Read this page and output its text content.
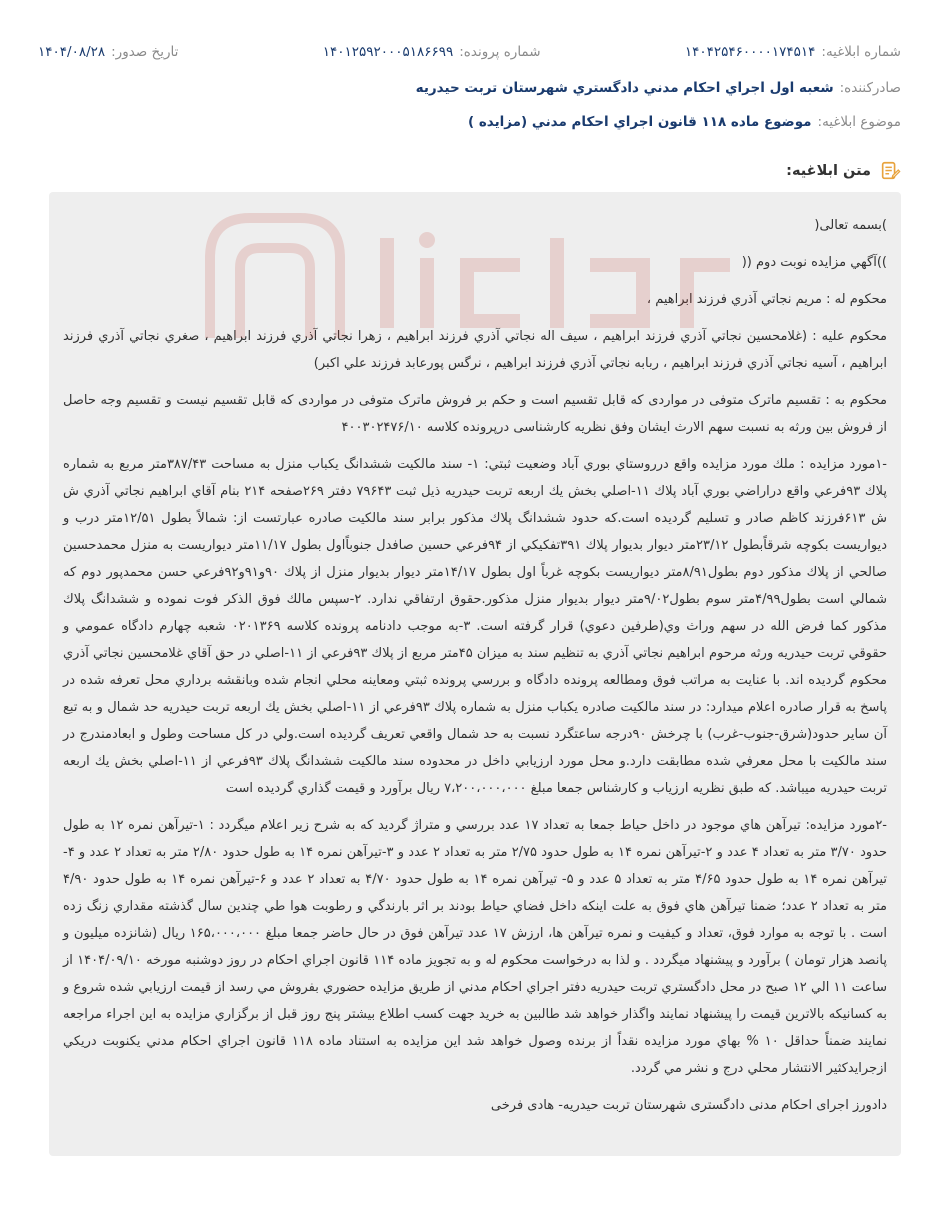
شماره ابلاغیه:
۱۴۰۴۲۵۴۶۰۰۰۰۱۷۴۵۱۴
شماره پرونده:
۱۴۰۱۲۵۹۲۰۰۰۵۱۸۶۶۹۹
تاریخ صدور:
۱۴۰۴/۰۸/۲۸
صادرکننده:
شعبه اول اجراي احكام مدني دادگستري شهرستان تربت حيدريه
موضوع ابلاغیه:
موضوع ماده ۱۱۸ قانون اجراي احكام مدني (مزايده )
متن ابلاغیه:

)بسمه تعالی(

))آگهي مزايده نوبت دوم ((

محكوم له : مريم نجاتي آذري فرزند ابراهيم ،

محكوم عليه : (غلامحسين نجاتي آذري فرزند ابراهيم ، سيف اله نجاتي آذري فرزند ابراهيم ، زهرا نجاتي آذري فرزند ابراهيم ، صغري نجاتي آذري فرزند ابراهيم ، آسيه نجاتي آذري فرزند ابراهيم ، ربابه نجاتي آذري فرزند ابراهيم ، نرگس پورعابد فرزند علي اكبر)

محكوم به : تقسیم ماترک متوفی در مواردی که قابل تقسیم است و حکم بر فروش ماترک متوفی در مواردی که قابل تقسیم نیست و تقسیم وجه حاصل از فروش بین ورثه به نسبت سهم الارث ایشان وفق نظریه کارشناسی درپرونده کلاسه ۴۰۰۳۰۲۴۷۶/۱۰

-۱مورد مزايده : ملك مورد مزايده واقع درروستاي بوري آباد وضعيت ثبتي: ۱- سند مالكيت ششدانگ يكباب منزل به مساحت ۳۸۷/۴۳متر مربع به شماره پلاك ۹۳فرعي واقع دراراضي بوري آباد پلاك ۱۱-اصلي بخش يك اربعه تربت حيدريه ذيل ثبت ۷۹۶۴۳ دفتر ۲۶۹صفحه ۲۱۴ بنام آقاي ابراهيم نجاتي آذري ش ش ۶۱۳فرزند كاظم صادر و تسليم گرديده است.كه حدود ششدانگ پلاك مذكور برابر سند مالكيت صادره عبارتست از: شمالاً بطول ۱۲/۵۱متر درب و ديواريست بكوچه شرقاًبطول ۲۳/۱۲متر ديوار بديوار پلاك ۳۹۱تفكيكي از ۹۴فرعي حسين صافدل جنوباًاول بطول ۱۱/۱۷متر ديواريست به منزل محمدحسين صالحي از پلاك مذكور دوم بطول۸/۹۱متر ديواريست بكوچه غرباً اول بطول ۱۴/۱۷متر ديوار بديوار منزل از پلاك ۹۰و۹۱و۹۲فرعي حسن محمدپور دوم كه شمالي است بطول۴/۹۹متر سوم بطول۹/۰۲متر ديوار بديوار منزل مذكور.حقوق ارتفاقي ندارد. ۲-سپس مالك فوق الذكر فوت نموده و ششدانگ پلاك مذكور كما فرض الله در سهم وراث وي(طرفين دعوي) قرار گرفته است. ۳-به موجب دادنامه پرونده كلاسه ۰۲۰۱۳۶۹ شعبه چهارم دادگاه عمومي و حقوقي تربت حيدريه ورثه مرحوم ابراهيم نجاتي آذري به تنظيم سند به ميزان ۴۵متر مربع از پلاك ۹۳فرعي از ۱۱-اصلي در حق آقاي غلامحسين نجاتي آذري محكوم گرديده اند. با عنايت به مراتب فوق ومطالعه پرونده دادگاه و بررسي پرونده ثبتي ومعاينه محلي انجام شده وبانقشه برداري محل تعرفه شده در پاسخ به قرار صادره اعلام ميدارد: در سند مالكيت صادره يكباب منزل به شماره پلاك ۹۳فرعي از ۱۱-اصلي بخش يك اربعه تربت حيدريه حد شمال و به تبع آن ساير حدود(شرق-جنوب-غرب) با چرخش ۹۰درجه ساعتگرد نسبت به حد شمال واقعي تعريف گرديده است.ولي در كل مساحت وطول و ابعادمندرج در سند مالكيت با محل معرفي شده مطابقت دارد.و محل مورد ارزيابي داخل در محدوده سند مالكيت ششدانگ پلاك ۹۳فرعي از ۱۱-اصلي بخش يك اربعه تربت حيدريه ميباشد. كه طبق نظريه ارزياب و كارشناس جمعا مبلغ ۷،۲۰۰،۰۰۰،۰۰۰ ريال برآورد و قيمت گذاري گرديده است

-۲مورد مزايده: تيرآهن هاي موجود در داخل حياط جمعا به تعداد ۱۷ عدد بررسي و متراژ گرديد كه به شرح زير اعلام ميگردد : ۱-تيرآهن نمره ۱۲ به طول حدود ۳/۷۰ متر به تعداد ۴ عدد و ۲-تيرآهن نمره ۱۴ به طول حدود ۲/۷۵ متر به تعداد ۲ عدد و ۳-تيرآهن نمره ۱۴ به طول حدود ۲/۸۰ متر به تعداد ۲ عدد و ۴-تيرآهن نمره ۱۴ به طول حدود ۴/۶۵ متر به تعداد ۵ عدد و ۵- تيرآهن نمره ۱۴ به طول حدود ۴/۷۰ به تعداد ۲ عدد و ۶-تيرآهن نمره ۱۴ به طول حدود ۴/۹۰ متر به تعداد ۲ عدد؛ ضمنا تيرآهن هاي فوق به علت اينكه داخل فضاي حياط بودند بر اثر بارندگي و رطوبت هوا طي چندين سال گذشته مقداري زنگ زده است . با توجه به موارد فوق، تعداد و كيفيت و نمره تيرآهن ها، ارزش ۱۷ عدد تيرآهن فوق در حال حاضر جمعا مبلغ ۱۶۵،۰۰۰،۰۰۰ ريال (شانزده ميليون و پانصد هزار تومان ) برآورد و پيشنهاد ميگردد . و لذا به درخواست محكوم له و به تجويز ماده ۱۱۴ قانون اجراي احكام در روز دوشنبه مورخه ۱۴۰۴/۰۹/۱۰ از ساعت ۱۱ الي ۱۲ صبح در محل دادگستري تربت حيدريه دفتر اجراي احكام مدني از طريق مزايده حضوري بفروش مي رسد از قيمت ارزيابي شده شروع و به كسانيكه بالاترين قيمت را پيشنهاد نمايند واگذار خواهد شد طالبين به خريد جهت كسب اطلاع بيشتر پنج روز قبل از برگزاري مزايده به اين اجراء مراجعه نمايند ضمناً حداقل ۱۰ % بهاي مورد مزايده نقداً از برنده وصول خواهد شد اين مزايده به استناد ماده ۱۱۸ قانون اجراي احكام مدني يكنوبت دريكي ازجرايدكثير الانتشار محلي درج و نشر مي گردد.

دادورز اجرای احکام مدنی دادگستری شهرستان تربت حیدریه- هادی فرخی
